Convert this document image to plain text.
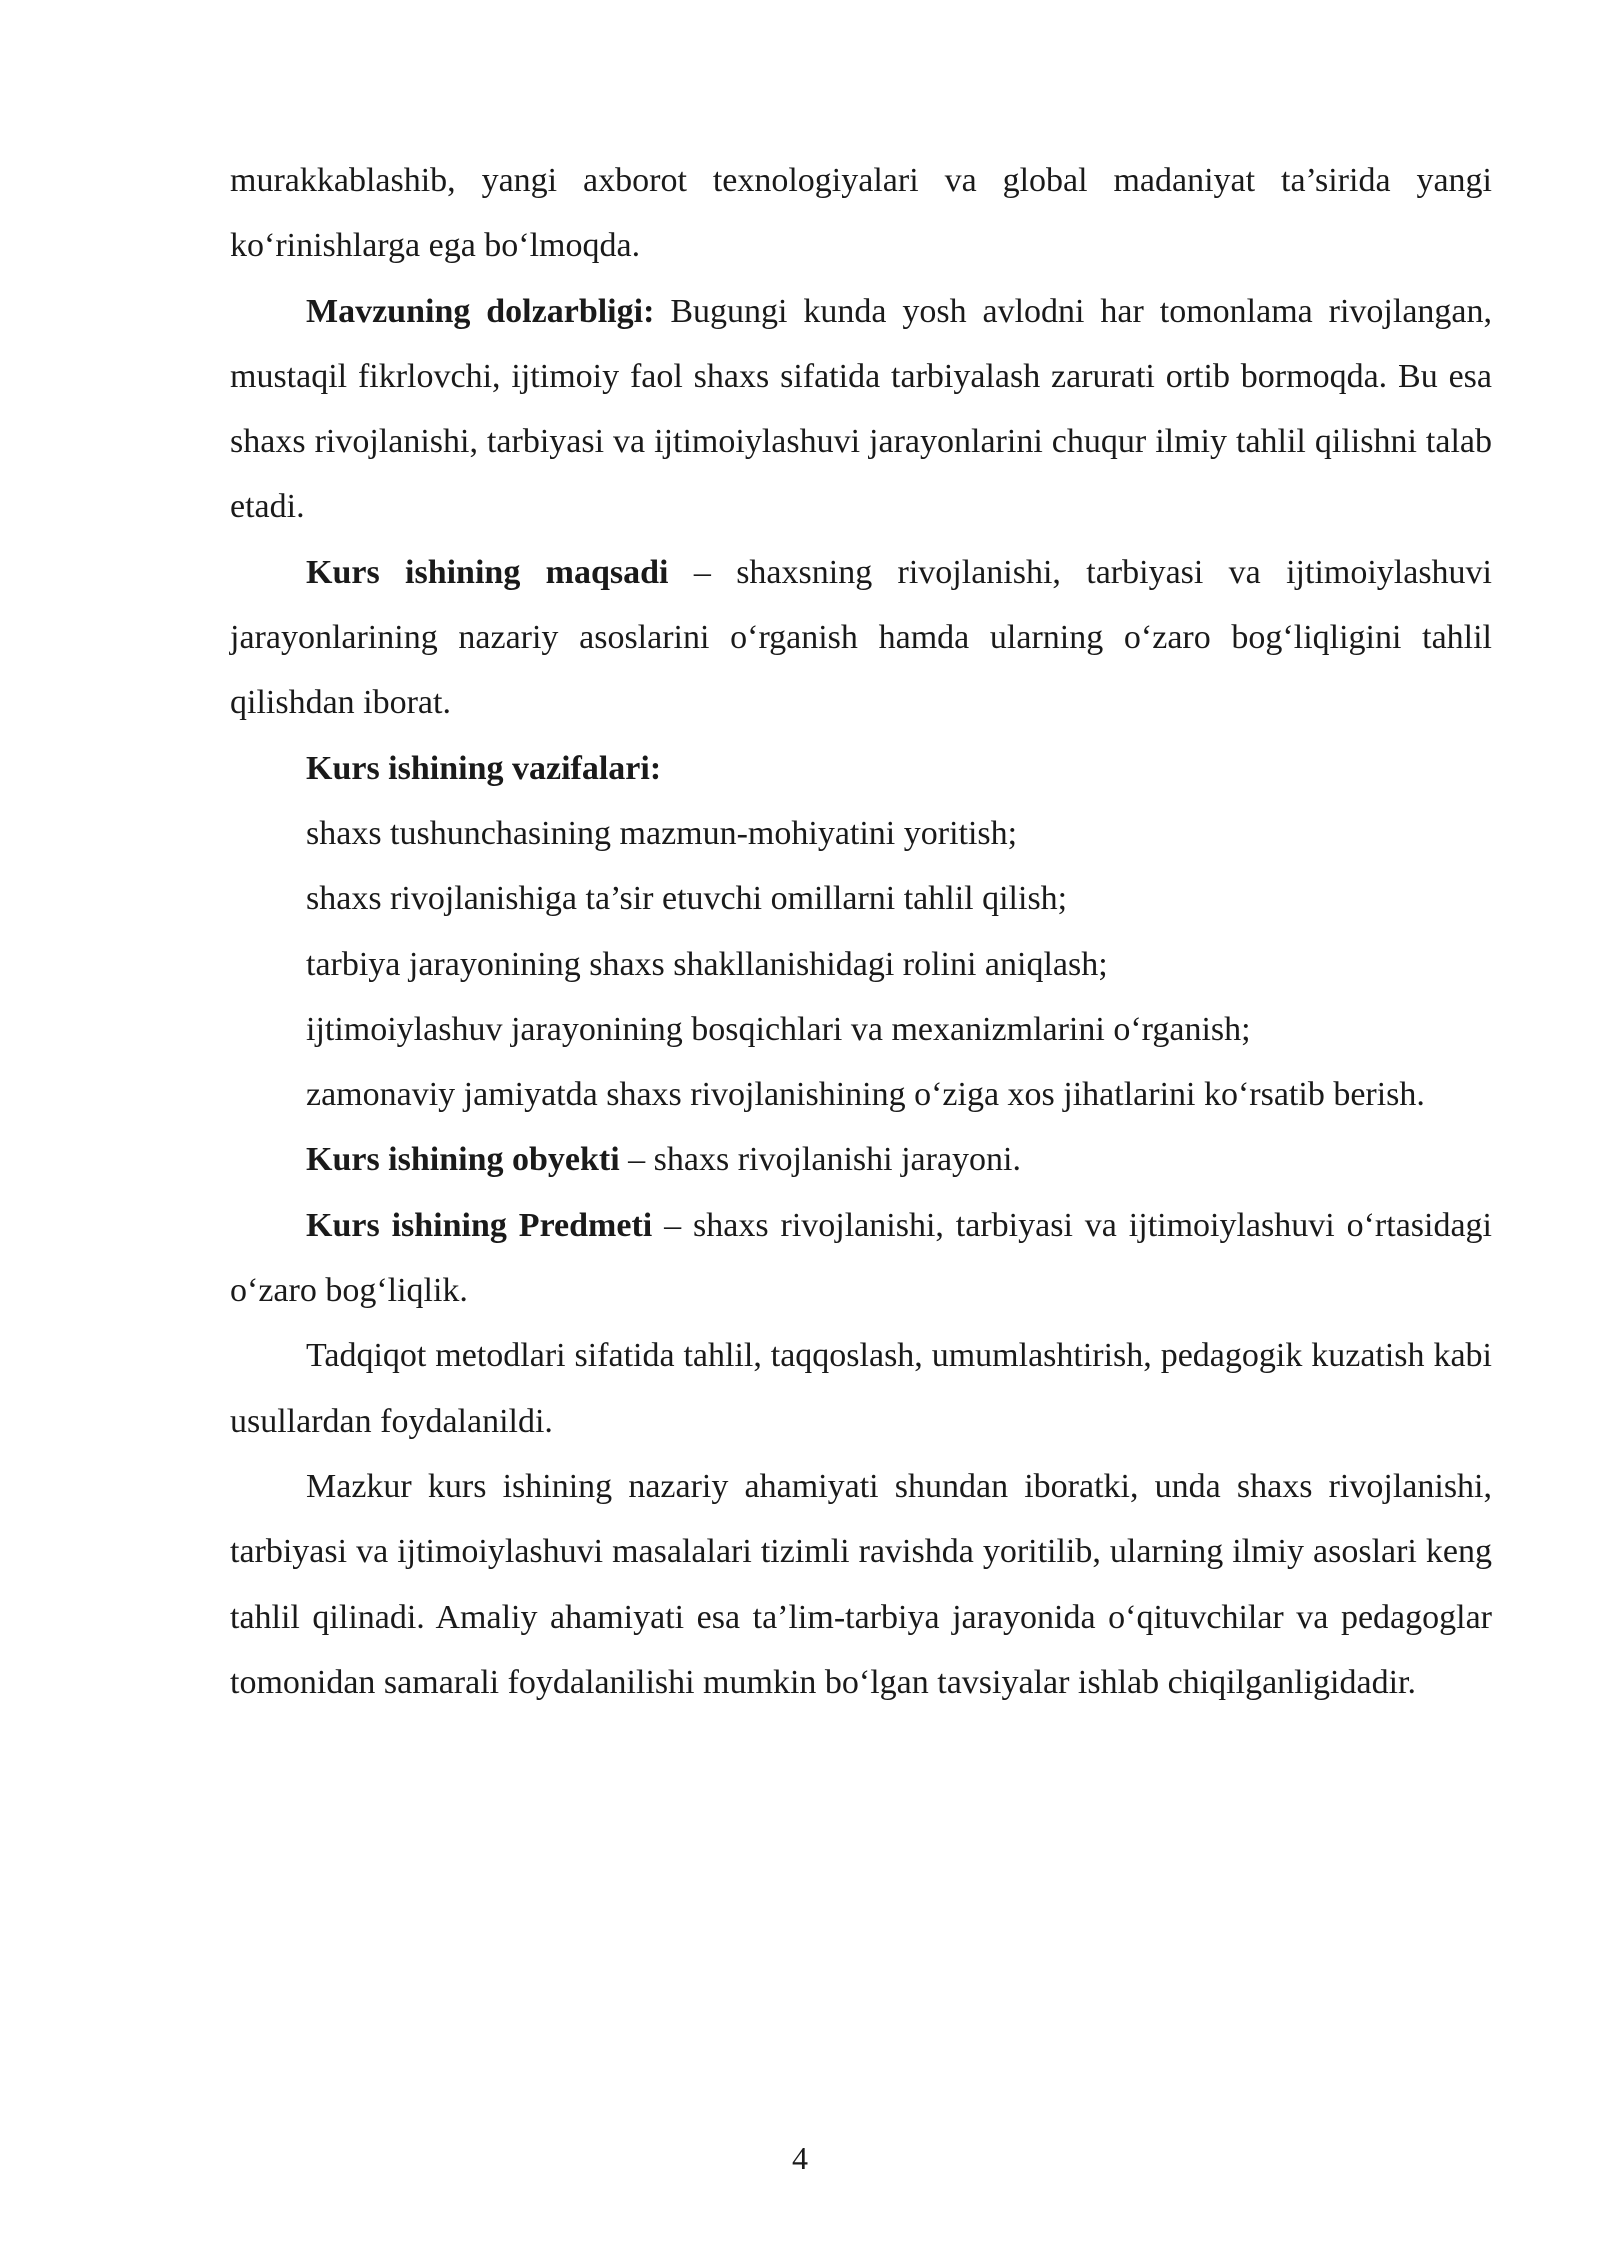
murakkablashib, yangi axborot texnologiyalari va global madaniyat ta’sirida yangi ko‘rinishlarga ega bo‘lmoqda.

Mavzuning dolzarbligi: Bugungi kunda yosh avlodni har tomonlama rivojlangan, mustaqil fikrlovchi, ijtimoiy faol shaxs sifatida tarbiyalash zarurati ortib bormoqda. Bu esa shaxs rivojlanishi, tarbiyasi va ijtimoiylashuvi jarayonlarini chuqur ilmiy tahlil qilishni talab etadi.

Kurs ishining maqsadi – shaxsning rivojlanishi, tarbiyasi va ijtimoiylashuvi jarayonlarining nazariy asoslarini o‘rganish hamda ularning o‘zaro bog‘liqligini tahlil qilishdan iborat.

Kurs ishining vazifalari:

shaxs tushunchasining mazmun-mohiyatini yoritish;

shaxs rivojlanishiga ta’sir etuvchi omillarni tahlil qilish;

tarbiya jarayonining shaxs shakllanishidagi rolini aniqlash;

ijtimoiylashuv jarayonining bosqichlari va mexanizmlarini o‘rganish;

zamonaviy jamiyatda shaxs rivojlanishining o‘ziga xos jihatlarini ko‘rsatib berish.

Kurs ishining obyekti – shaxs rivojlanishi jarayoni.

Kurs ishining Predmeti – shaxs rivojlanishi, tarbiyasi va ijtimoiylashuvi o‘rtasidagi o‘zaro bog‘liqlik.

Tadqiqot metodlari sifatida tahlil, taqqoslash, umumlashtirish, pedagogik kuzatish kabi usullardan foydalanildi.

Mazkur kurs ishining nazariy ahamiyati shundan iboratki, unda shaxs rivojlanishi, tarbiyasi va ijtimoiylashuvi masalalari tizimli ravishda yoritilib, ularning ilmiy asoslari keng tahlil qilinadi. Amaliy ahamiyati esa ta’lim-tarbiya jarayonida o‘qituvchilar va pedagoglar tomonidan samarali foydalanilishi mumkin bo‘lgan tavsiyalar ishlab chiqilganligidadir.

4
